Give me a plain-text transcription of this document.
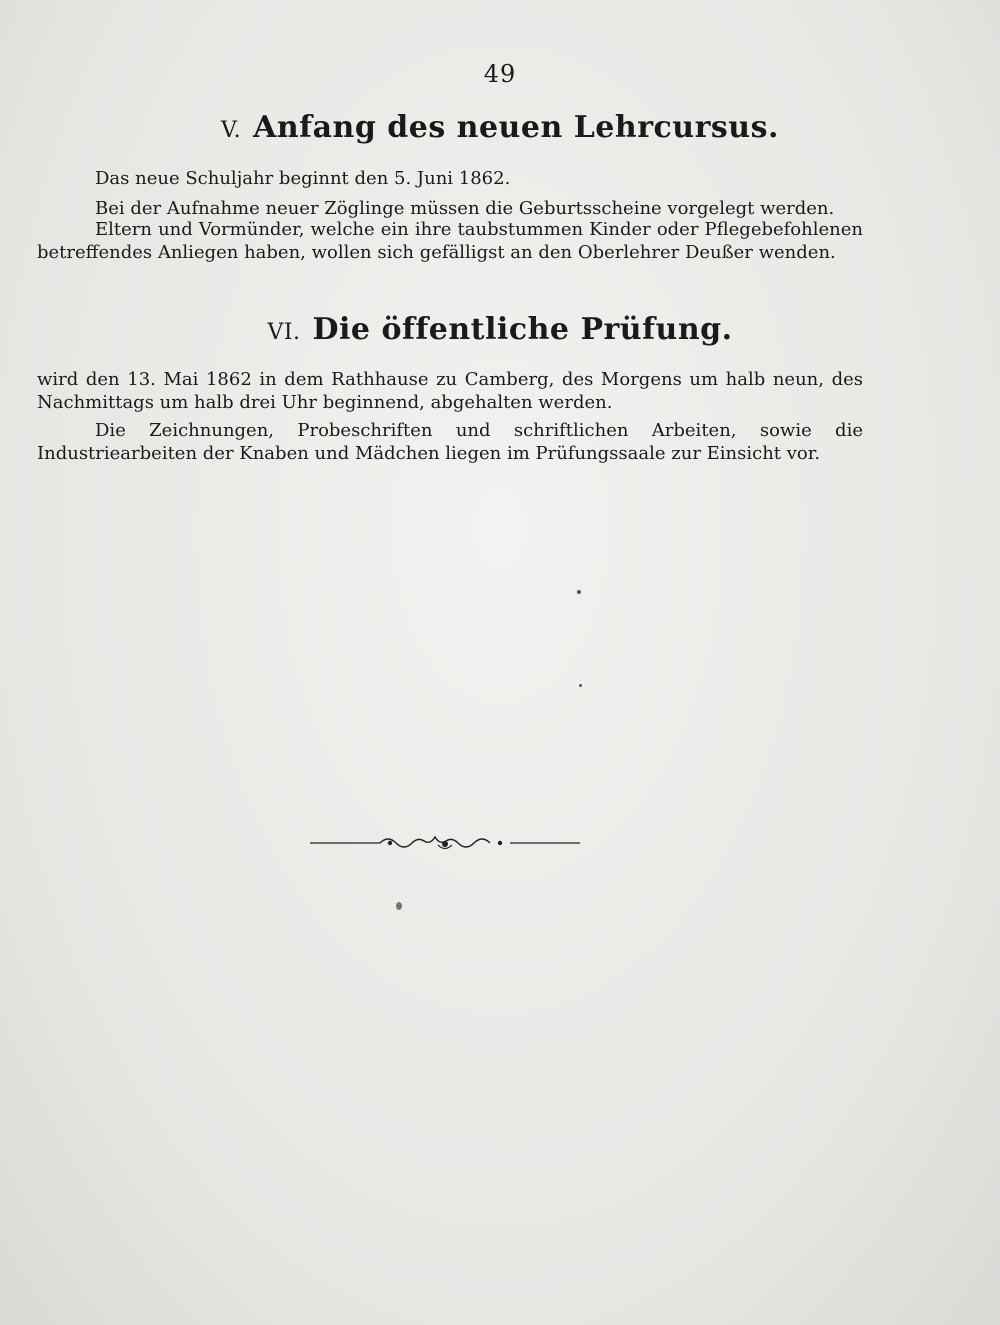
49
V. Anfang des neuen Lehrcursus.
Das neue Schuljahr beginnt den 5. Juni 1862.
Bei der Aufnahme neuer Zöglinge müssen die Geburtsscheine vorgelegt werden.
Eltern und Vormünder, welche ein ihre taubstummen Kinder oder Pflegebefohlenen betreffendes Anliegen haben, wollen sich gefälligst an den Oberlehrer Deußer wenden.
VI. Die öffentliche Prüfung.
wird den 13. Mai 1862 in dem Rathhause zu Camberg, des Morgens um halb neun, des Nachmittags um halb drei Uhr beginnend, abgehalten werden.
Die Zeichnungen, Probeschriften und schriftlichen Arbeiten, sowie die Industriearbeiten der Knaben und Mädchen liegen im Prüfungssaale zur Einsicht vor.
